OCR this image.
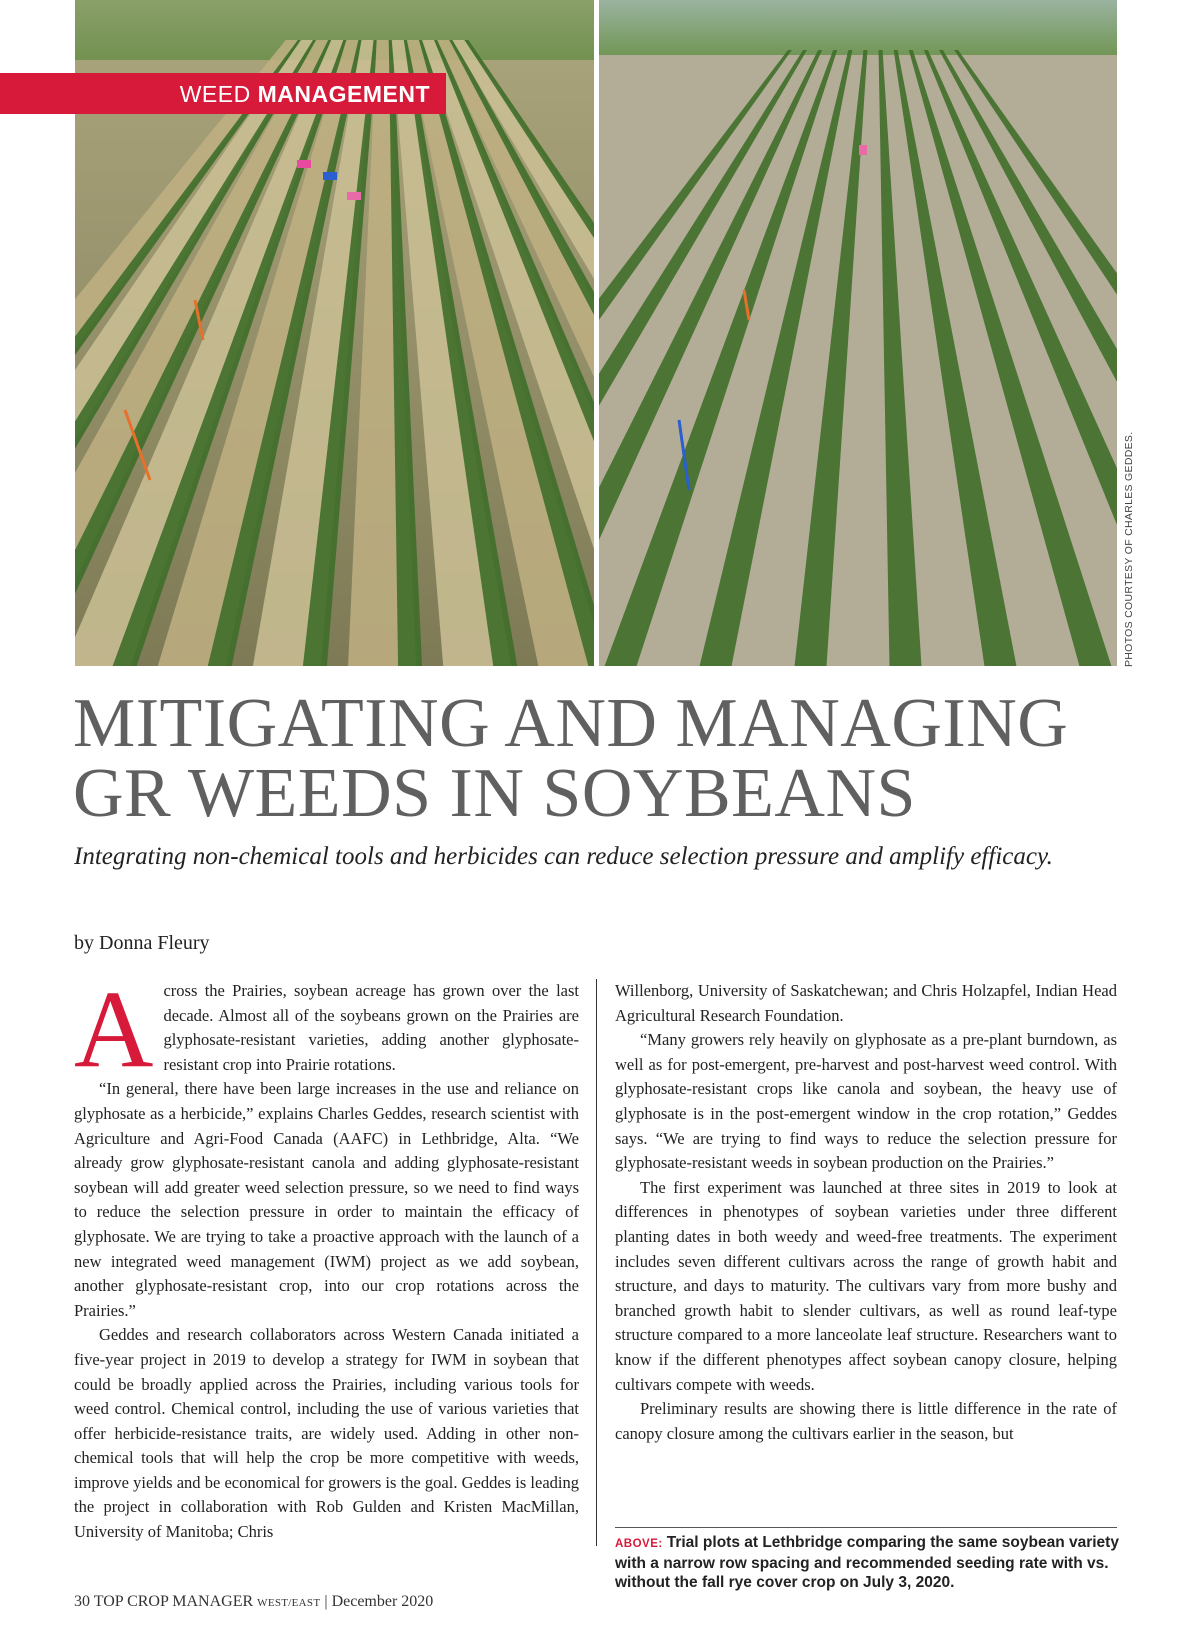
WEED MANAGEMENT
PHOTOS COURTESY OF CHARLES GEDDES.
MITIGATING AND MANAGING
GR WEEDS IN SOYBEANS

Integrating non-chemical tools and herbicides can reduce selection pressure and amplify efficacy.

by Donna Fleury

Across the Prairies, soybean acreage has grown over the last decade. Almost all of the soybeans grown on the Prairies are glyphosate-resistant varieties, adding another glyphosate-resistant crop into Prairie rotations.

“In general, there have been large increases in the use and reliance on glyphosate as a herbicide,” explains Charles Geddes, research scientist with Agriculture and Agri-Food Canada (AAFC) in Lethbridge, Alta. “We already grow glyphosate-resistant canola and adding glyphosate-resistant soybean will add greater weed selection pressure, so we need to find ways to reduce the selection pressure in order to maintain the efficacy of glyphosate. We are trying to take a proactive approach with the launch of a new integrated weed management (IWM) project as we add soybean, another glyphosate-resistant crop, into our crop rotations across the Prairies.”

Geddes and research collaborators across Western Canada initiated a five-year project in 2019 to develop a strategy for IWM in soybean that could be broadly applied across the Prairies, including various tools for weed control. Chemical control, including the use of various varieties that offer herbicide-resistance traits, are widely used. Adding in other non-chemical tools that will help the crop be more competitive with weeds, improve yields and be economical for growers is the goal. Geddes is leading the project in collaboration with Rob Gulden and Kristen MacMillan, University of Manitoba; Chris

Willenborg, University of Saskatchewan; and Chris Holzapfel, Indian Head Agricultural Research Foundation.

“Many growers rely heavily on glyphosate as a pre-plant burndown, as well as for post-emergent, pre-harvest and post-harvest weed control. With glyphosate-resistant crops like canola and soybean, the heavy use of glyphosate is in the post-emergent window in the crop rotation,” Geddes says. “We are trying to find ways to reduce the selection pressure for glyphosate-resistant weeds in soybean production on the Prairies.”

The first experiment was launched at three sites in 2019 to look at differences in phenotypes of soybean varieties under three different planting dates in both weedy and weed-free treatments. The experiment includes seven different cultivars across the range of growth habit and structure, and days to maturity. The cultivars vary from more bushy and branched growth habit to slender cultivars, as well as round leaf-type structure compared to a more lanceolate leaf structure. Researchers want to know if the different phenotypes affect soybean canopy closure, helping cultivars compete with weeds.

Preliminary results are showing there is little difference in the rate of canopy closure among the cultivars earlier in the season, but

ABOVE: Trial plots at Lethbridge comparing the same soybean variety with a narrow row spacing and recommended seeding rate with vs. without the fall rye cover crop on July 3, 2020.
30 TOP CROP MANAGER WEST/EAST | December 2020
